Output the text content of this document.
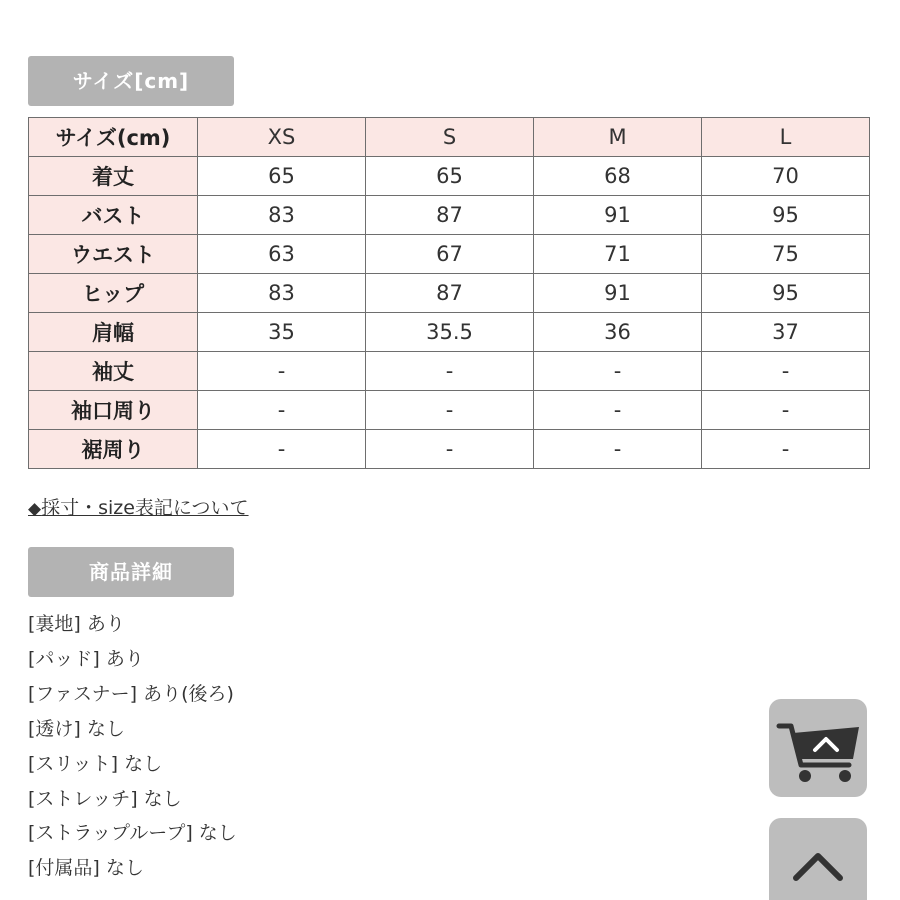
サイズ[cm]
サイズ(cm)	XS	S	M	L
着丈	65	65	68	70
バスト	83	87	91	95
ウエスト	63	67	71	75
ヒップ	83	87	91	95
肩幅	35	35.5	36	37
袖丈	-	-	-	-
袖口周り	-	-	-	-
裾周り	-	-	-	-
◆採寸・size表記について
商品詳細
[裏地] あり
[パッド] あり
[ファスナー] あり(後ろ)
[透け] なし
[スリット] なし
[ストレッチ] なし
[ストラップループ] なし
[付属品] なし
